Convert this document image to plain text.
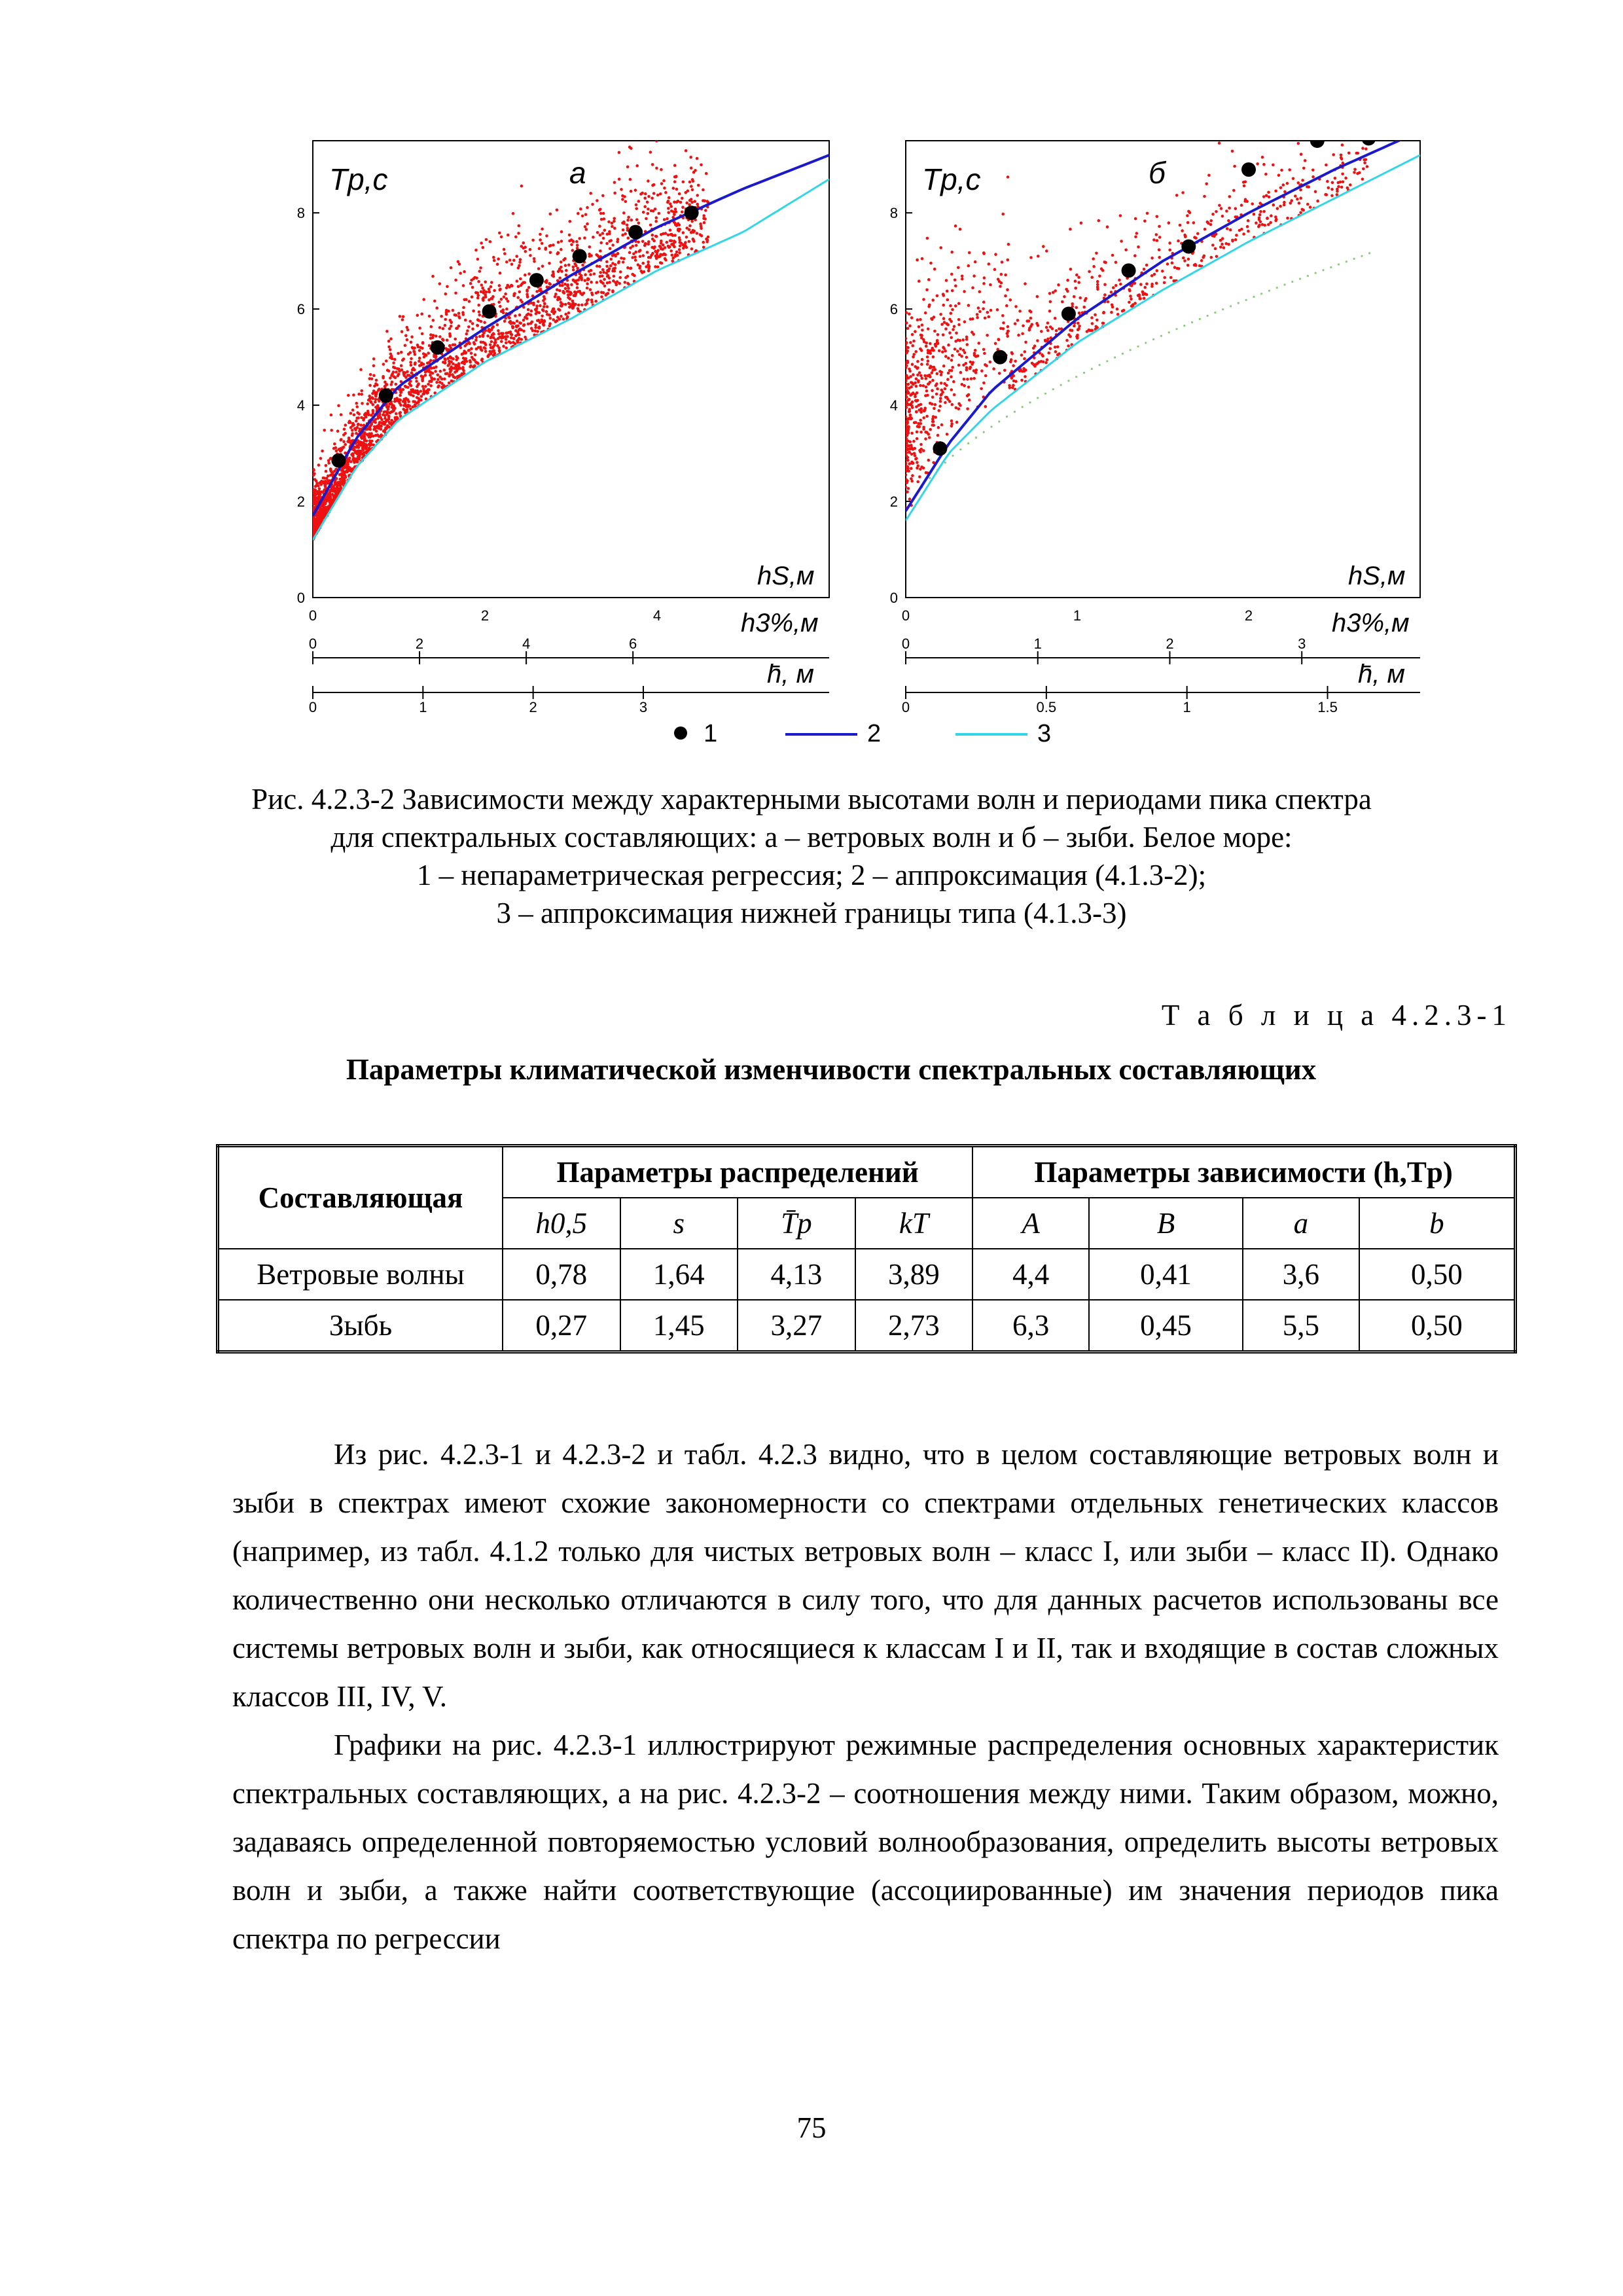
0
2
4
6
8
Tр,с	а
hS,м
0	2	4
0	2	4	6
h3%,м
0	1	2	3
h̄, м
0
2
4
6
8
Tр,с	б
hS,м
0	1	2
0	1	2	3
h3%,м
0	0.5	1	1.5
h̄, м
1	2	3
Рис. 4.2.3-2 Зависимости между характерными высотами волн и периодами пика спектра
для спектральных составляющих: а – ветровых волн и б – зыби. Белое море:
1 – непараметрическая регрессия; 2 – аппроксимация (4.1.3-2);
3 – аппроксимация нижней границы типа (4.1.3-3)
Т а б л и ц а 4.2.3-1
Параметры климатической изменчивости спектральных составляющих
Составляющая	Параметры распределений				Параметры зависимости (h,Tp)			
	h0,5	s	T̄p	kT	A	B	a	b
Ветровые волны	0,78	1,64	4,13	3,89	4,4	0,41	3,6	0,50
Зыбь	0,27	1,45	3,27	2,73	6,3	0,45	5,5	0,50

Из рис. 4.2.3-1 и 4.2.3-2 и табл. 4.2.3 видно, что в целом составляющие ветровых волн и зыби в спектрах имеют схожие закономерности со спектрами отдельных генетических классов (например, из табл. 4.1.2 только для чистых ветровых волн – класс I, или зыби – класс II). Однако количественно они несколько отличаются в силу того, что для данных расчетов использованы все системы ветровых волн и зыби, как относящиеся к классам I и II, так и входящие в состав сложных классов III, IV, V.

Графики на рис. 4.2.3-1 иллюстрируют режимные распределения основных характеристик спектральных составляющих, а на рис. 4.2.3-2 – соотношения между ними. Таким образом, можно, задаваясь определенной повторяемостью условий волнообразования, определить высоты ветровых волн и зыби, а также найти соответствующие (ассоциированные) им значения периодов пика спектра по регрессии

75
